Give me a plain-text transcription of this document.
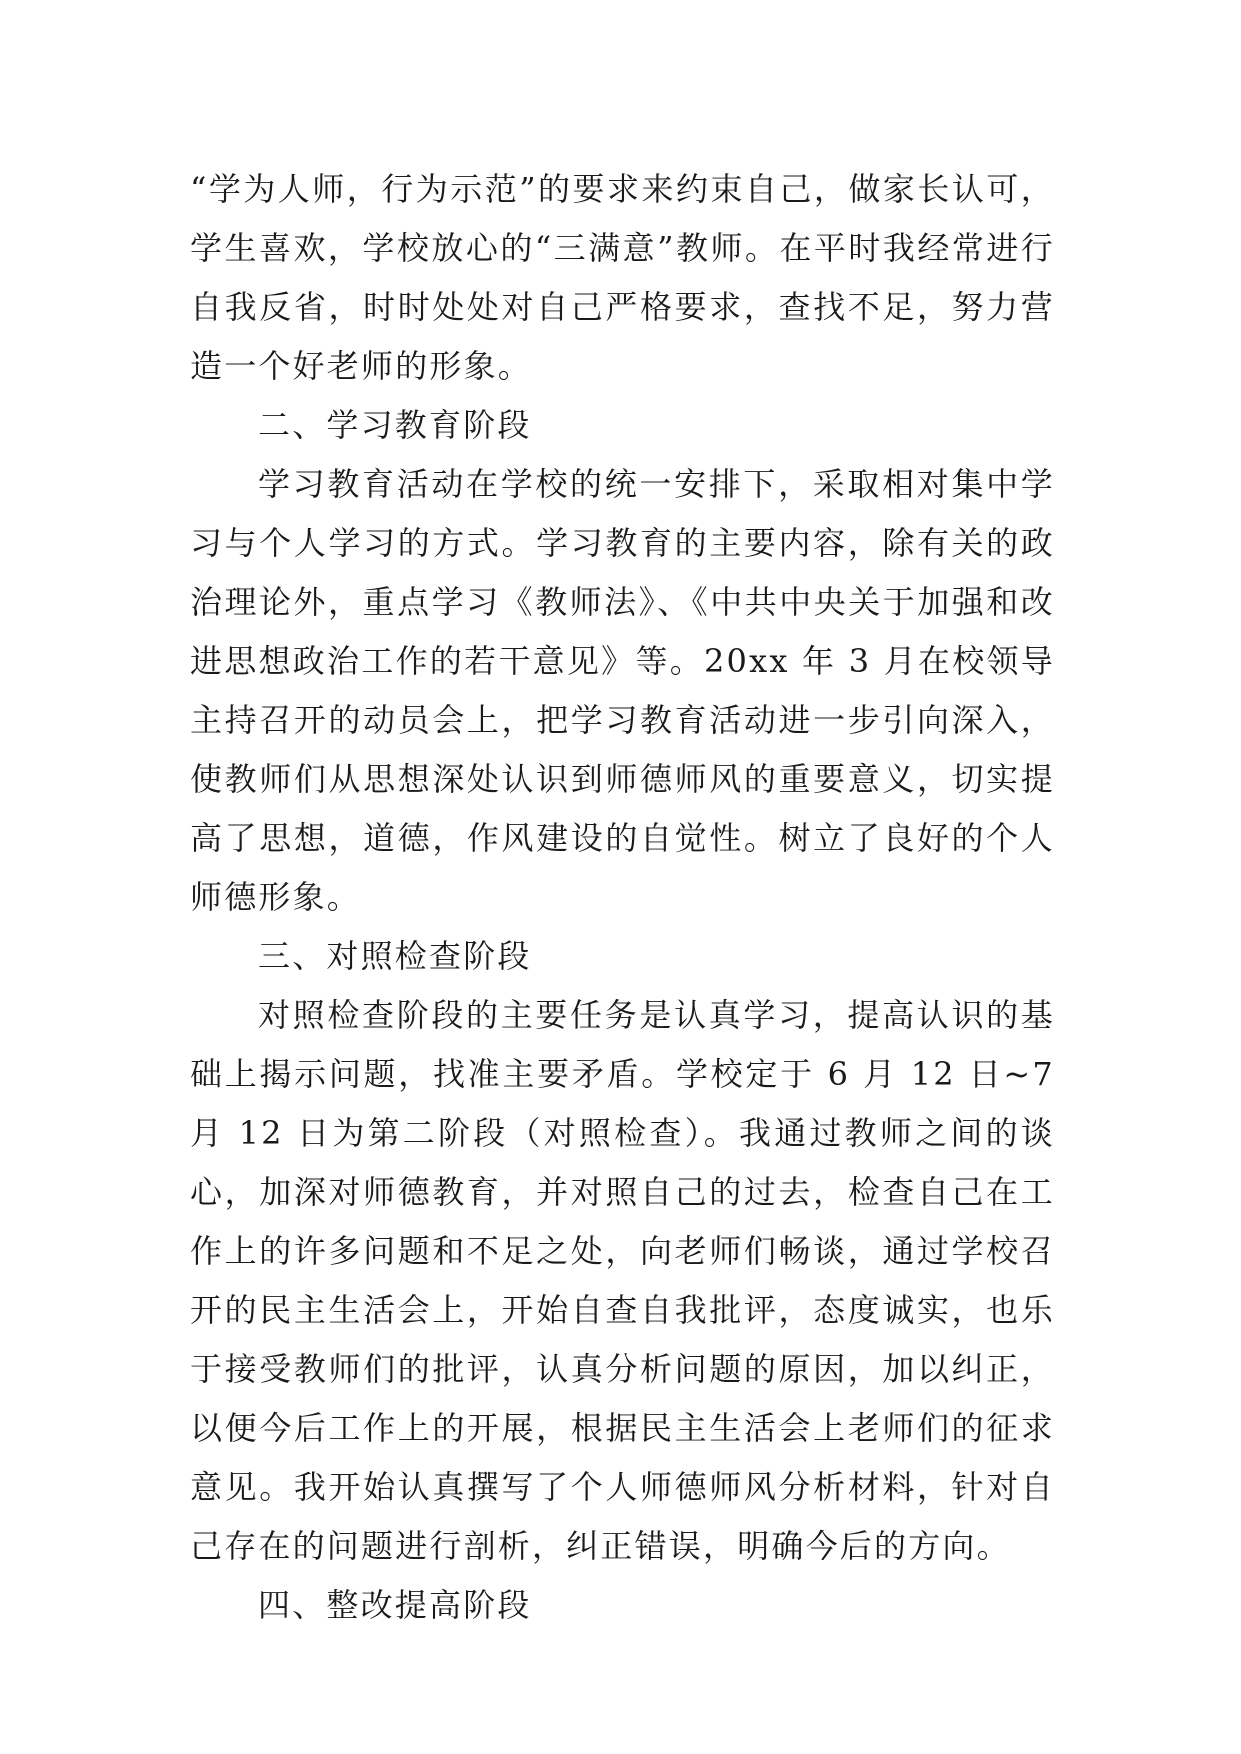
“学为人师，行为示范”的要求来约束自己，做家长认可，学生喜欢，学校放心的“三满意”教师。在平时我经常进行自我反省，时时处处对自己严格要求，查找不足，努力营造一个好老师的形象。

二、学习教育阶段

学习教育活动在学校的统一安排下，采取相对集中学习与个人学习的方式。学习教育的主要内容，除有关的政治理论外，重点学习《教师法》、《中共中央关于加强和改进思想政治工作的若干意见》等。20xx 年 3 月在校领导主持召开的动员会上，把学习教育活动进一步引向深入，使教师们从思想深处认识到师德师风的重要意义，切实提高了思想，道德，作风建设的自觉性。树立了良好的个人师德形象。

三、对照检查阶段

对照检查阶段的主要任务是认真学习，提高认识的基础上揭示问题，找准主要矛盾。学校定于 6 月 12 日~7 月 12 日为第二阶段（对照检查）。我通过教师之间的谈心，加深对师德教育，并对照自己的过去，检查自己在工作上的许多问题和不足之处，向老师们畅谈，通过学校召开的民主生活会上，开始自查自我批评，态度诚实，也乐于接受教师们的批评，认真分析问题的原因，加以纠正，以便今后工作上的开展，根据民主生活会上老师们的征求意见。我开始认真撰写了个人师德师风分析材料，针对自己存在的问题进行剖析，纠正错误，明确今后的方向。

四、整改提高阶段
